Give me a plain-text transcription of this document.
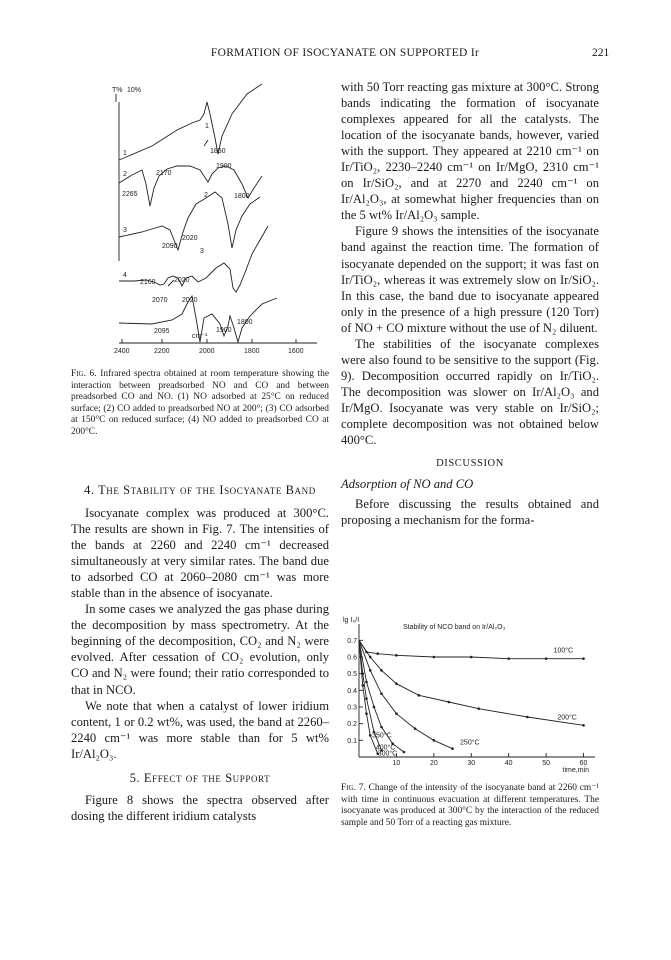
FORMATION OF ISOCYANATE ON SUPPORTED Ir	221
T% 10%
1
1	1850
2	2170
2265
1900
1800
2
3
2090
2020
3
4
2160	2020
2070 2020
2095	1900
1800
cm⁻¹
2400	2200	2000	1800	1600
Fig. 6. Infrared spectra obtained at room temperature showing the interaction between preadsorbed NO and CO and between preadsorbed CO and NO. (1) NO adsorbed at 25°C on reduced surface; (2) CO added to preadsorbed NO at 200°; (3) CO adsorbed at 150°C on reduced surface; (4) NO added to preadsorbed CO at 200°C.

4. The Stability of the Isocyanate Band

Isocyanate complex was produced at 300°C. The results are shown in Fig. 7. The intensities of the bands at 2260 and 2240 cm⁻¹ decreased simultaneously at very similar rates. The band due to adsorbed CO at 2060–2080 cm⁻¹ was more stable than in the absence of isocyanate.

In some cases we analyzed the gas phase during the decomposition by mass spectrometry. At the beginning of the decomposition, CO₂ and N₂ were evolved. After cessation of CO₂ evolution, only CO and N₂ were found; their ratio corresponded to that in NCO.

We note that when a catalyst of lower iridium content, 1 or 0.2 wt%, was used, the band at 2260–2240 cm⁻¹ was more stable than for 5 wt% Ir/Al₂O₃.

5. Effect of the Support

Figure 8 shows the spectra observed after dosing the different iridium catalysts

with 50 Torr reacting gas mixture at 300°C. Strong bands indicating the formation of isocyanate complexes appeared for all the catalysts. The location of the isocyanate bands, however, varied with the support. They appeared at 2210 cm⁻¹ on Ir/TiO₂, 2230–2240 cm⁻¹ on Ir/MgO, 2310 cm⁻¹ on Ir/SiO₂, and at 2270 and 2240 cm⁻¹ on Ir/Al₂O₃, at somewhat higher frequencies than on the 5 wt% Ir/Al₂O₃ sample.

Figure 9 shows the intensities of the isocyanate band against the reaction time. The formation of isocyanate depended on the support; it was fast on Ir/TiO₂, whereas it was extremely slow on Ir/SiO₂. In this case, the band due to isocyanate appeared only in the presence of a high pressure (120 Torr) of NO + CO mixture without the use of N₂ diluent.

The stabilities of the isocyanate complexes were also found to be sensitive to the support (Fig. 9). Decomposition occurred rapidly on Ir/TiO₂. The decomposition was slower on Ir/Al₂O₃ and Ir/MgO. Isocyanate was very stable on Ir/SiO₂; complete decomposition was not obtained below 400°C.

DISCUSSION

Adsorption of NO and CO

Before discussing the results obtained and proposing a mechanism for the forma-

0.1
0.2
0.3
0.4
0.5
0.6
0.7
10	20	30	40	50	60
lg I₀/I
Stability of NCO band on Ir/Al₂O₃
time,min
100°C
200°C
250°C
300°C
350°C
400°C
Fig. 7. Change of the intensity of the isocyanate band at 2260 cm⁻¹ with time in continuous evacuation at different temperatures. The isocyanate was produced at 300°C by the interaction of the reduced sample and 50 Torr of a reacting gas mixture.
